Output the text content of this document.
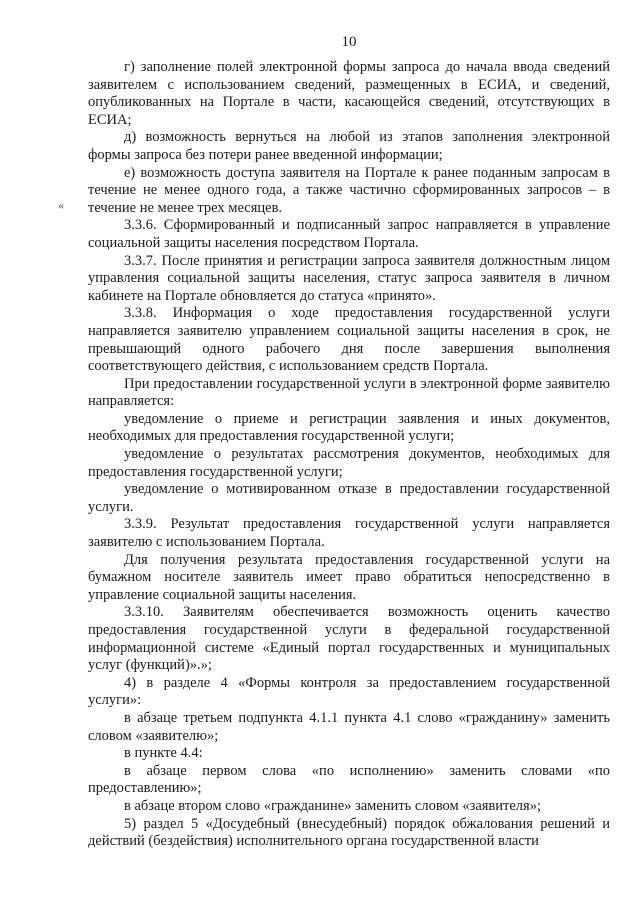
10
«

г) заполнение полей электронной формы запроса до начала ввода сведений заявителем с использованием сведений, размещенных в ЕСИА, и сведений, опубликованных на Портале в части, касающейся сведений, отсутствующих в ЕСИА;

д) возможность вернуться на любой из этапов заполнения электронной формы запроса без потери ранее введенной информации;

е) возможность доступа заявителя на Портале к ранее поданным запросам в течение не менее одного года, а также частично сформированных запросов – в течение не менее трех месяцев.

3.3.6. Сформированный и подписанный запрос направляется в управление социальной защиты населения посредством Портала.

3.3.7. После принятия и регистрации запроса заявителя должностным лицом управления социальной защиты населения, статус запроса заявителя в личном кабинете на Портале обновляется до статуса «принято».

3.3.8. Информация о ходе предоставления государственной услуги направляется заявителю управлением социальной защиты населения в срок, не превышающий одного рабочего дня после завершения выполнения соответствующего действия, с использованием средств Портала.

При предоставлении государственной услуги в электронной форме заявителю направляется:

уведомление о приеме и регистрации заявления и иных документов, необходимых для предоставления государственной услуги;

уведомление о результатах рассмотрения документов, необходимых для предоставления государственной услуги;

уведомление о мотивированном отказе в предоставлении государственной услуги.

3.3.9. Результат предоставления государственной услуги направляется заявителю с использованием Портала.

Для получения результата предоставления государственной услуги на бумажном носителе заявитель имеет право обратиться непосредственно в управление социальной защиты населения.

3.3.10. Заявителям обеспечивается возможность оценить качество предоставления государственной услуги в федеральной государственной информационной системе «Единый портал государственных и муниципальных услуг (функций)».»;

4) в разделе 4 «Формы контроля за предоставлением государственной услуги»:

в абзаце третьем подпункта 4.1.1 пункта 4.1 слово «гражданину» заменить словом «заявителю»;

в пункте 4.4:

в абзаце первом слова «по исполнению» заменить словами «по предоставлению»;

в абзаце втором слово «гражданине» заменить словом «заявителя»;

5) раздел 5 «Досудебный (внесудебный) порядок обжалования решений и действий (бездействия) исполнительного органа государственной власти
